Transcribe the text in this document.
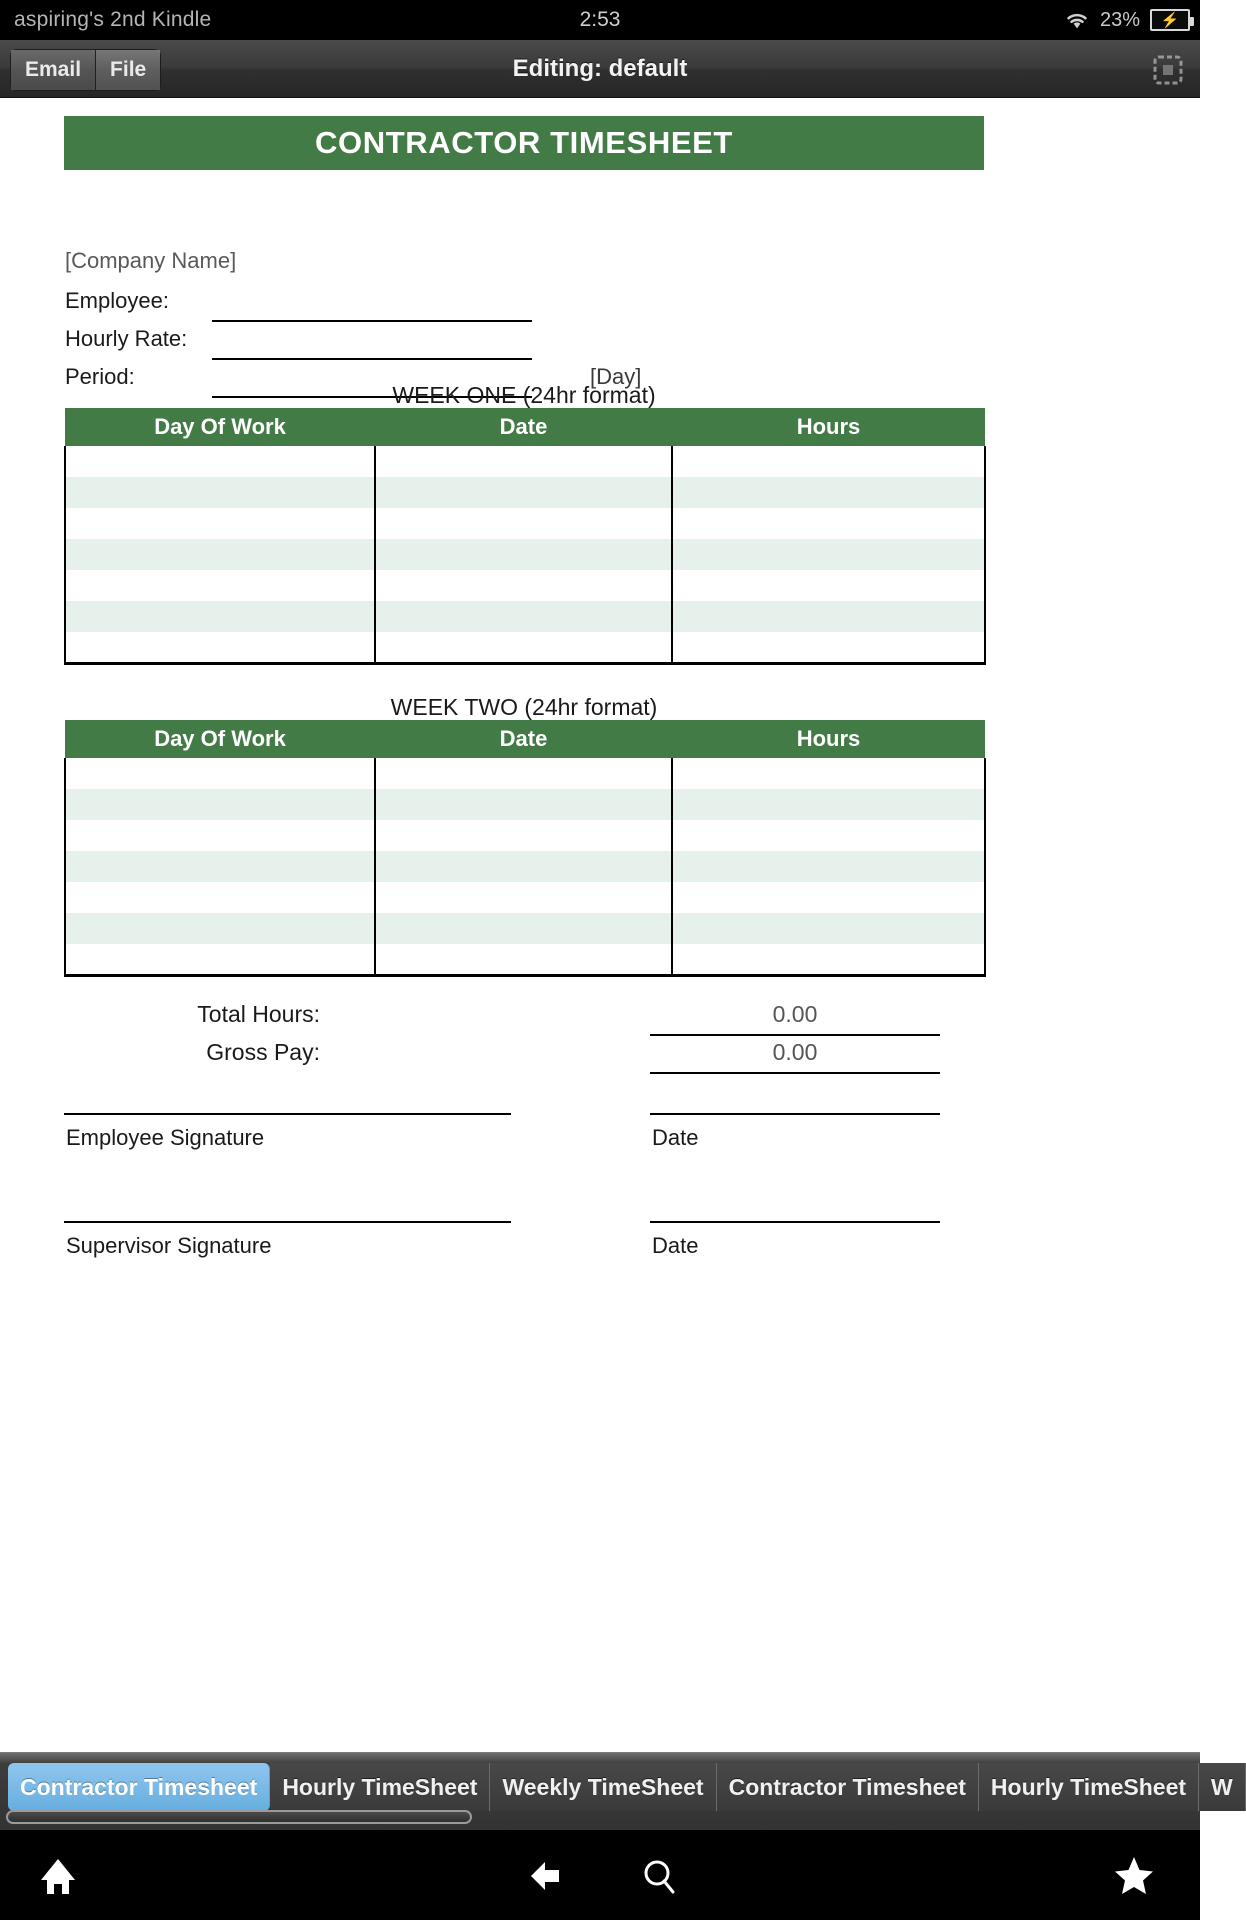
aspiring's 2nd Kindle	2:53	23% ⚡
Editing: default
Email	File
CONTRACTOR TIMESHEET
[Company Name]
Employee:
Hourly Rate:
Period:	[Day]
WEEK ONE (24hr format)
Day Of Work	Date	Hours

WEEK TWO (24hr format)
Day Of Work	Date	Hours

Total Hours:	0.00
Gross Pay:	0.00
Employee Signature	Date
Supervisor Signature	Date
Contractor Timesheet	Hourly TimeSheet	Weekly TimeSheet	Contractor Timesheet	Hourly TimeSheet	W
